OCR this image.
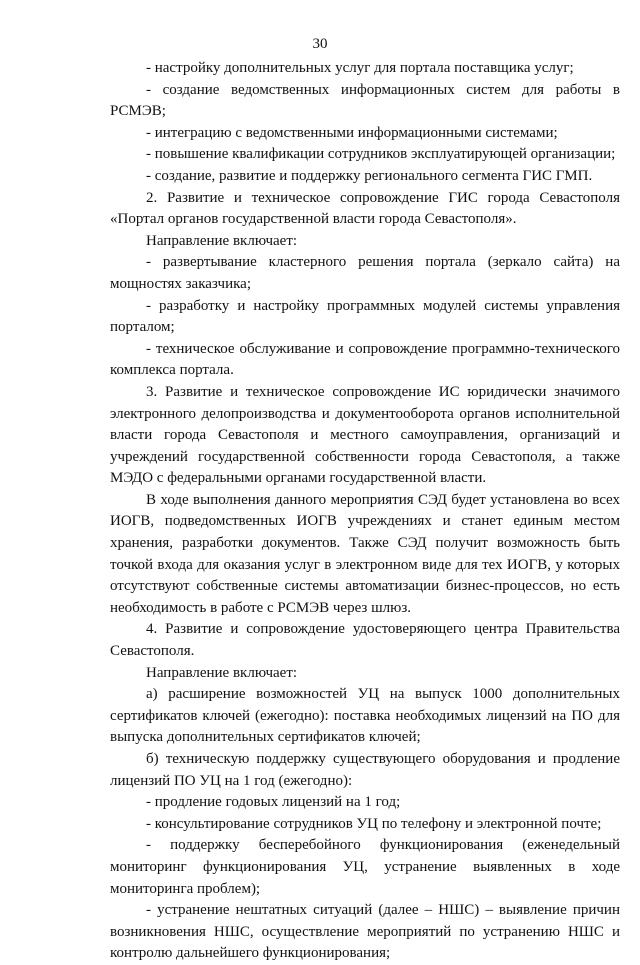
30

- настройку дополнительных услуг для портала поставщика услуг;

- создание ведомственных информационных систем для работы в РСМЭВ;

- интеграцию с ведомственными информационными системами;

- повышение квалификации сотрудников эксплуатирующей организации;

- создание, развитие и поддержку регионального сегмента ГИС ГМП.

2. Развитие и техническое сопровождение ГИС города Севастополя «Портал органов государственной власти города Севастополя».

Направление включает:

- развертывание кластерного решения портала (зеркало сайта) на мощностях заказчика;

- разработку и настройку программных модулей системы управления порталом;

- техническое обслуживание и сопровождение программно-технического комплекса портала.

3. Развитие и техническое сопровождение ИС юридически значимого электронного делопроизводства и документооборота органов исполнительной власти города Севастополя и местного самоуправления, организаций и учреждений государственной собственности города Севастополя, а также МЭДО с федеральными органами государственной власти.

В ходе выполнения данного мероприятия СЭД будет установлена во всех ИОГВ, подведомственных ИОГВ учреждениях и станет единым местом хранения, разработки документов. Также СЭД получит возможность быть точкой входа для оказания услуг в электронном виде для тех ИОГВ, у которых отсутствуют собственные системы автоматизации бизнес-процессов, но есть необходимость в работе с РСМЭВ через шлюз.

4. Развитие и сопровождение удостоверяющего центра Правительства Севастополя.

Направление включает:

а) расширение возможностей УЦ на выпуск 1000 дополнительных сертификатов ключей (ежегодно): поставка необходимых лицензий на ПО для выпуска дополнительных сертификатов ключей;

б) техническую поддержку существующего оборудования и продление лицензий ПО УЦ на 1 год (ежегодно):

- продление годовых лицензий на 1 год;

- консультирование сотрудников УЦ по телефону и электронной почте;

- поддержку бесперебойного функционирования (еженедельный мониторинг функционирования УЦ, устранение выявленных в ходе мониторинга проблем);

- устранение нештатных ситуаций (далее – НШС) – выявление причин возникновения НШС, осуществление мероприятий по устранению НШС и контролю дальнейшего функционирования;
